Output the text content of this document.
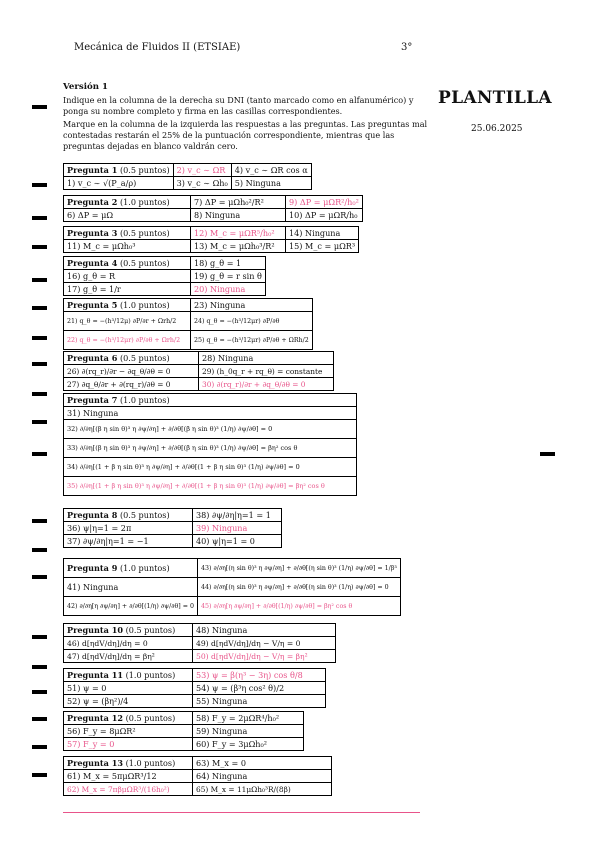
Mecánica de Fluidos II (ETSIAE)	3°
Versión 1

Indique en la columna de la derecha su DNI (tanto marcado como en alfanumérico) y ponga su nombre completo y firma en las casillas correspondientes.

Marque en la columna de la izquierda las respuestas a las preguntas. Las preguntas mal contestadas restarán el 25% de la puntuación correspondiente, mientras que las preguntas dejadas en blanco valdrán cero.

PLANTILLA
25.06.2025
Pregunta 1 (0.5 puntos)	2) v_c ∼ ΩR	4) v_c ∼ ΩR cos α
1) v_c ∼ √(P_a/ρ)	3) v_c ∼ Ωh₀	5) Ninguna
Pregunta 2 (1.0 puntos)	7) ΔP = μΩh₀²/R²	9) ΔP = μΩR²/h₀²
6) ΔP = μΩ	8) Ninguna	10) ΔP = μΩR/h₀
Pregunta 3 (0.5 puntos)	12) M_c = μΩR⁵/h₀²	14) Ninguna
11) M_c = μΩh₀³	13) M_c = μΩh₀³/R²	15) M_c = μΩR³
Pregunta 4 (0.5 puntos)	18) g_θ = 1
16) g_θ = R	19) g_θ = r sin θ
17) g_θ = 1/r	20) Ninguna
Pregunta 5 (1.0 puntos)	23) Ninguna
21) q_θ = −(h³/12μ) ∂P/∂r + Ωrh/2	24) q_θ = −(h³/12μr) ∂P/∂θ
22) q_θ = −(h³/12μr) ∂P/∂θ + Ωrh/2	25) q_θ = −(h³/12μr) ∂P/∂θ + ΩRh/2
Pregunta 6 (0.5 puntos)	28) Ninguna
26) ∂(rq_r)/∂r − ∂q_θ/∂θ = 0	29) (h_0q_r + rq_θ) = constante
27) ∂q_θ/∂r + ∂(rq_r)/∂θ = 0	30) ∂(rq_r)/∂r + ∂q_θ/∂θ = 0
Pregunta 7 (1.0 puntos)
31) Ninguna
32) ∂/∂η[(β η sin θ)³ η ∂ψ/∂η] + ∂/∂θ[(β η sin θ)³ (1/η) ∂ψ/∂θ] = 0
33) ∂/∂η[(β η sin θ)³ η ∂ψ/∂η] + ∂/∂θ[(β η sin θ)³ (1/η) ∂ψ/∂θ] = βη² cos θ
34) ∂/∂η[(1 + β η sin θ)³ η ∂ψ/∂η] + ∂/∂θ[(1 + β η sin θ)³ (1/η) ∂ψ/∂θ] = 0
35) ∂/∂η[(1 + β η sin θ)³ η ∂ψ/∂η] + ∂/∂θ[(1 + β η sin θ)³ (1/η) ∂ψ/∂θ] = βη² cos θ
Pregunta 8 (0.5 puntos)	38) ∂ψ/∂η|η=1 = 1
36) ψ|η=1 = 2π	39) Ninguna
37) ∂ψ/∂η|η=1 = −1	40) ψ|η=1 = 0
Pregunta 9 (1.0 puntos)	43) ∂/∂η[(η sin θ)³ η ∂ψ/∂η] + ∂/∂θ[(η sin θ)³ (1/η) ∂ψ/∂θ] = 1/β³
41) Ninguna	44) ∂/∂η[(η sin θ)³ η ∂ψ/∂η] + ∂/∂θ[(η sin θ)³ (1/η) ∂ψ/∂θ] = 0
42) ∂/∂η[η ∂ψ/∂η] + ∂/∂θ[(1/η) ∂ψ/∂θ] = 0	45) ∂/∂η[η ∂ψ/∂η] + ∂/∂θ[(1/η) ∂ψ/∂θ] = βη² cos θ
Pregunta 10 (0.5 puntos)	48) Ninguna
46) d[ηdV/dη]/dη = 0	49) d[ηdV/dη]/dη − V/η = 0
47) d[ηdV/dη]/dη = βη²	50) d[ηdV/dη]/dη − V/η = βη²
Pregunta 11 (1.0 puntos)	53) ψ = β(η³ − 3η) cos θ/8
51) ψ = 0	54) ψ = (β³η cos² θ)/2
52) ψ = (βη²)/4	55) Ninguna
Pregunta 12 (0.5 puntos)	58) F_y = 2μΩR⁴/h₀²
56) F_y = 8μΩR²	59) Ninguna
57) F_y = 0	60) F_y = 3μΩh₀²
Pregunta 13 (1.0 puntos)	63) M_x = 0
61) M_x = 5πμΩR³/12	64) Ninguna
62) M_x = 7πβμΩR³/(16h₀²)	65) M_x = 11μΩh₀³R/(8β)
